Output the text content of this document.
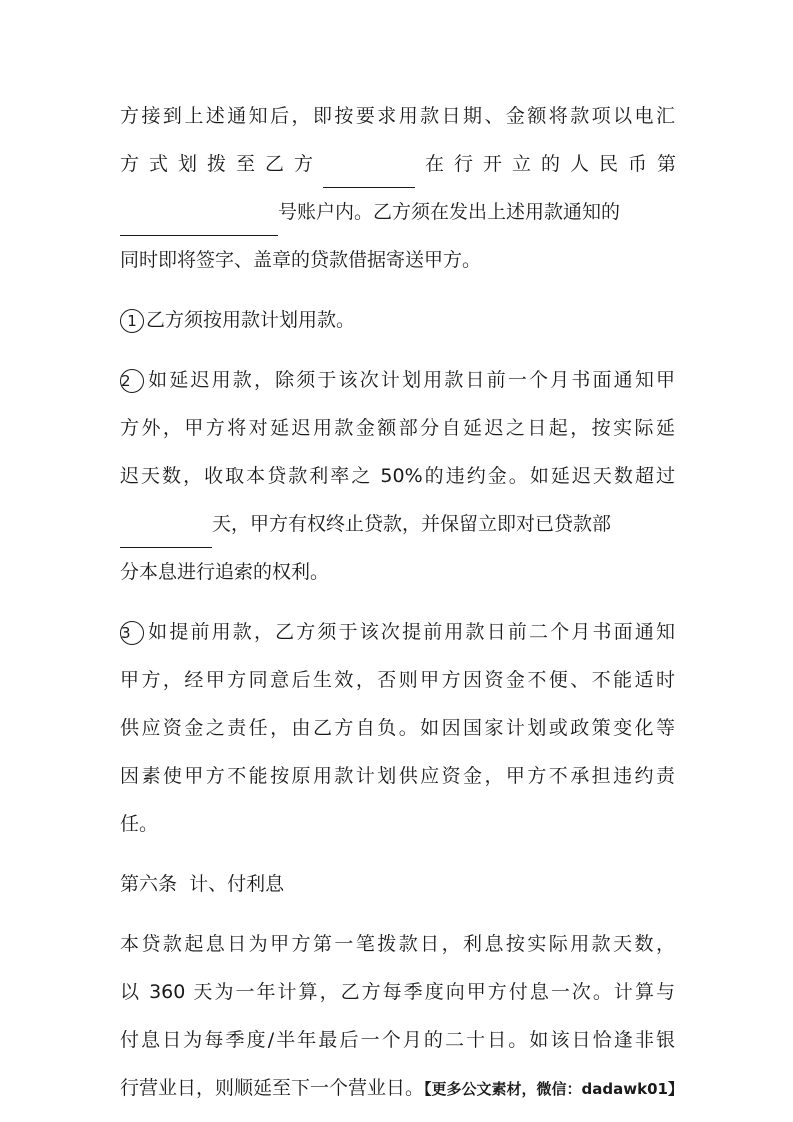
方接到上述通知后，即按要求用款日期、金额将款项以电汇
方式划拨至乙方	在行开立的人民币第
号账户内。乙方须在发出上述用款通知的
同时即将签字、盖章的贷款借据寄送甲方。
1 乙方须按用款计划用款。
2 如延迟用款，除须于该次计划用款日前一个月书面通知甲
方外，甲方将对延迟用款金额部分自延迟之日起，按实际延
迟天数，收取本贷款利率之 50%的违约金。如延迟天数超过
天，甲方有权终止贷款，并保留立即对已贷款部
分本息进行追索的权利。
3 如提前用款，乙方须于该次提前用款日前二个月书面通知
甲方，经甲方同意后生效，否则甲方因资金不便、不能适时
供应资金之责任，由乙方自负。如因国家计划或政策变化等
因素使甲方不能按原用款计划供应资金，甲方不承担违约责
任。
第六条  计、付利息
本贷款起息日为甲方第一笔拨款日，利息按实际用款天数，
以 360 天为一年计算，乙方每季度向甲方付息一次。计算与
付息日为每季度/半年最后一个月的二十日。如该日恰逢非银
行营业日，则顺延至下一个营业日。【更多公文素材，微信：dadawk01】
